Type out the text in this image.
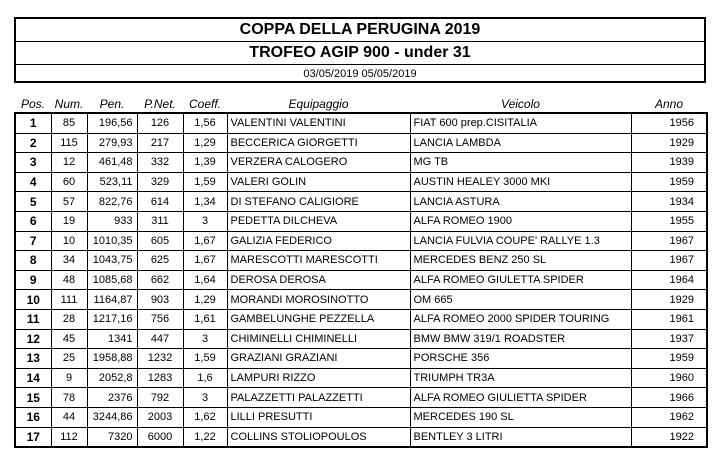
COPPA DELLA PERUGINA 2019
TROFEO AGIP 900 - under 31
03/05/2019 05/05/2019
Pos.	Num.	Pen.	P.Net.	Coeff.	Equipaggio	Veicolo	Anno
1	85	196,56	126	1,56	VALENTINI VALENTINI	FIAT 600 prep.CISITALIA	1956
2	115	279,93	217	1,29	BECCERICA GIORGETTI	LANCIA LAMBDA	1929
3	12	461,48	332	1,39	VERZERA CALOGERO	MG TB	1939
4	60	523,11	329	1,59	VALERI GOLIN	AUSTIN HEALEY 3000 MKI	1959
5	57	822,76	614	1,34	DI STEFANO CALIGIORE	LANCIA ASTURA	1934
6	19	933	311	3	PEDETTA DILCHEVA	ALFA ROMEO 1900	1955
7	10	1010,35	605	1,67	GALIZIA FEDERICO	LANCIA FULVIA COUPE' RALLYE 1.3	1967
8	34	1043,75	625	1,67	MARESCOTTI MARESCOTTI	MERCEDES BENZ 250 SL	1967
9	48	1085,68	662	1,64	DEROSA DEROSA	ALFA ROMEO GIULETTA SPIDER	1964
10	111	1164,87	903	1,29	MORANDI MOROSINOTTO	OM 665	1929
11	28	1217,16	756	1,61	GAMBELUNGHE PEZZELLA	ALFA ROMEO 2000 SPIDER TOURING	1961
12	45	1341	447	3	CHIMINELLI CHIMINELLI	BMW BMW 319/1 ROADSTER	1937
13	25	1958,88	1232	1,59	GRAZIANI GRAZIANI	PORSCHE 356	1959
14	9	2052,8	1283	1,6	LAMPURI RIZZO	TRIUMPH TR3A	1960
15	78	2376	792	3	PALAZZETTI PALAZZETTI	ALFA ROMEO GIULIETTA SPIDER	1966
16	44	3244,86	2003	1,62	LILLI PRESUTTI	MERCEDES 190 SL	1962
17	112	7320	6000	1,22	COLLINS STOLIOPOULOS	BENTLEY 3 LITRI	1922
